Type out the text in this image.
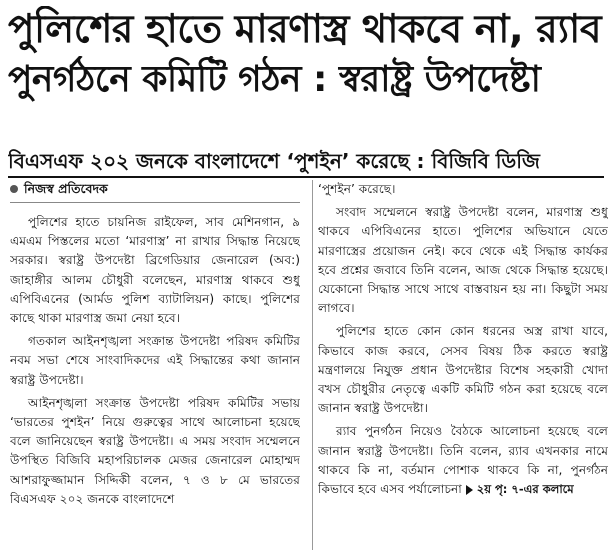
পুলিশের হাতে মারণাস্ত্র থাকবে না, র‍্যাব
পুনর্গঠনে কমিটি গঠন : স্বরাষ্ট্র উপদেষ্টা
বিএসএফ ২০২ জনকে বাংলাদেশে ‘পুশইন’ করেছে : বিজিবি ডিজি
নিজস্ব প্রতিবেদক

পুলিশের হাতে চায়নিজ রাইফেল, সাব মেশিনগান, ৯ এমএম পিস্তলের মতো ‘মারণাস্ত্র’ না রাখার সিদ্ধান্ত নিয়েছে সরকার। স্বরাষ্ট্র উপদেষ্টা ব্রিগেডিয়ার জেনারেল (অব:) জাহাঙ্গীর আলম চৌধুরী বলেছেন, মারণাস্ত্র থাকবে শুধু এপিবিএনের (আর্মড পুলিশ ব্যাটালিয়ন) কাছে। পুলিশের কাছে থাকা মারণাস্ত্র জমা নেয়া হবে।

গতকাল আইনশৃঙ্খলা সংক্রান্ত উপদেষ্টা পরিষদ কমিটির নবম সভা শেষে সাংবাদিকদের এই সিদ্ধান্তের কথা জানান স্বরাষ্ট্র উপদেষ্টা।

আইনশৃঙ্খলা সংক্রান্ত উপদেষ্টা পরিষদ কমিটির সভায় ‘ভারতের পুশইন’ নিয়ে গুরুত্বের সাথে আলোচনা হয়েছে বলে জানিয়েছেন স্বরাষ্ট্র উপদেষ্টা। এ সময় সংবাদ সম্মেলনে উপস্থিত বিজিবি মহাপরিচালক মেজর জেনারেল মোহাম্মদ আশরাফুজ্জামান সিদ্দিকী বলেন, ৭ ও ৮ মে ভারতের বিএসএফ ২০২ জনকে বাংলাদেশে

‘পুশইন’ করেছে।

সংবাদ সম্মেলনে স্বরাষ্ট্র উপদেষ্টা বলেন, মারণাস্ত্র শুধু থাকবে এপিবিএনের হাতে। পুলিশের অভিযানে যেতে মারণাস্ত্রের প্রয়োজন নেই। কবে থেকে এই সিদ্ধান্ত কার্যকর হবে প্রশ্নের জবাবে তিনি বলেন, আজ থেকে সিদ্ধান্ত হয়েছে। যেকোনো সিদ্ধান্ত সাথে সাথে বাস্তবায়ন হয় না। কিছুটা সময় লাগবে।

পুলিশের হাতে কোন কোন ধরনের অস্ত্র রাখা যাবে, কিভাবে কাজ করবে, সেসব বিষয় ঠিক করতে স্বরাষ্ট্র মন্ত্রণালয়ে নিযুক্ত প্রধান উপদেষ্টার বিশেষ সহকারী খোদা বখস চৌধুরীর নেতৃত্বে একটি কমিটি গঠন করা হয়েছে বলে জানান স্বরাষ্ট্র উপদেষ্টা।

র‍্যাব পুনর্গঠন নিয়েও বৈঠকে আলোচনা হয়েছে বলে জানান স্বরাষ্ট্র উপদেষ্টা। তিনি বলেন, র‍্যাব এখনকার নামে থাকবে কি না, বর্তমান পোশাক থাকবে কি না, পুনর্গঠন কিভাবে হবে এসব পর্যালোচনা ২য় পৃ: ৭-এর কলামে
